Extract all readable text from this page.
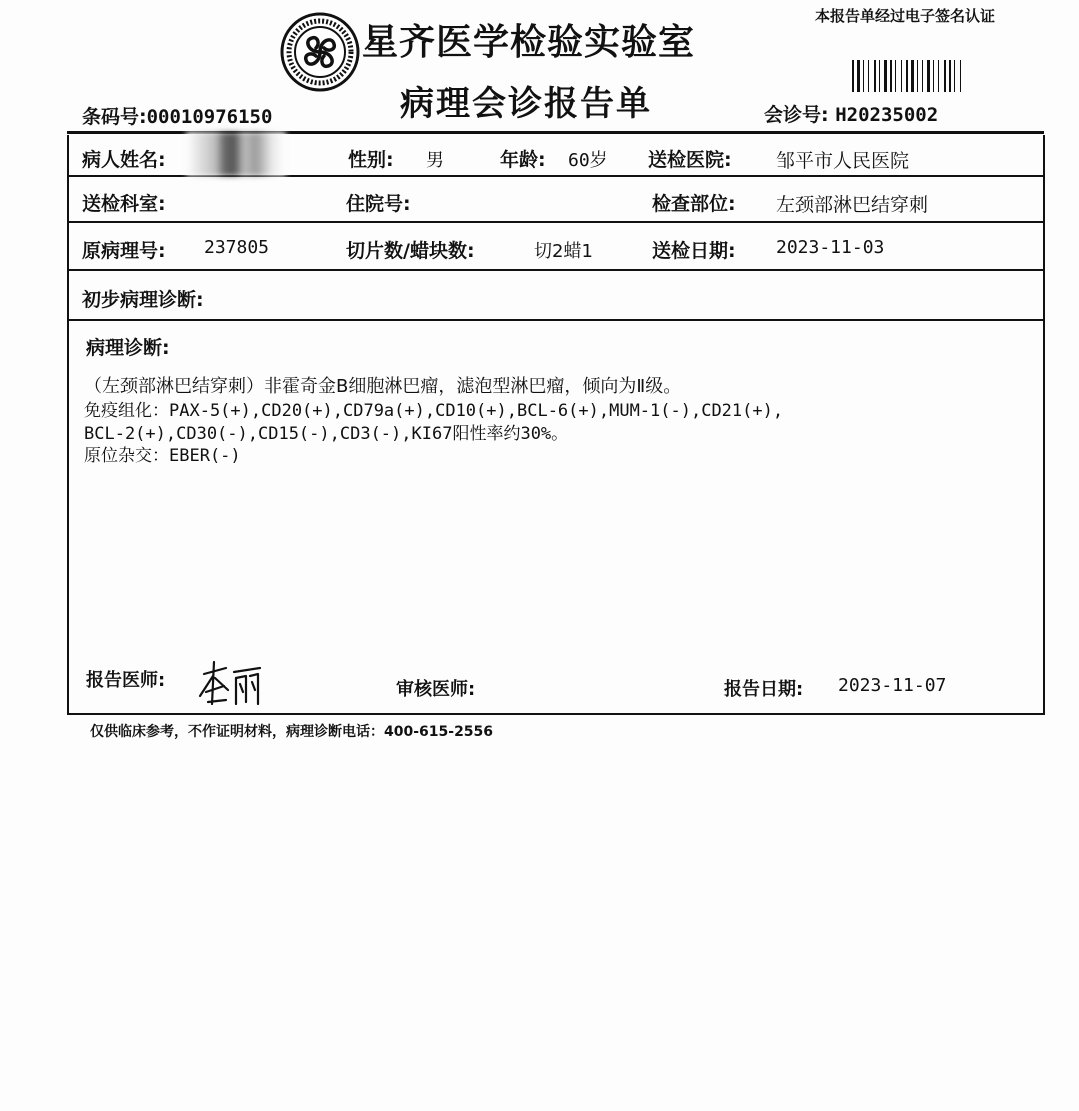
星齐医学检验实验室
病理会诊报告单
本报告单经过电子签名认证
条码号:00010976150	会诊号: H20235002
病人姓名:	性别: 男	年龄: 60岁 送检医院: 邹平市人民医院
送检科室:	住院号:	检查部位: 左颈部淋巴结穿刺
原病理号: 237805	切片数/蜡块数:	切2蜡1	送检日期: 2023-11-03
初步病理诊断:
病理诊断:
（左颈部淋巴结穿刺）非霍奇金B细胞淋巴瘤，滤泡型淋巴瘤，倾向为Ⅱ级。
免疫组化：PAX-5(+),CD20(+),CD79a(+),CD10(+),BCL-6(+),MUM-1(-),CD21(+),
BCL-2(+),CD30(-),CD15(-),CD3(-),KI67阳性率约30%。
原位杂交：EBER(-)
报告医师:	审核医师:	报告日期: 2023-11-07
仅供临床参考，不作证明材料，病理诊断电话：400-615-2556
